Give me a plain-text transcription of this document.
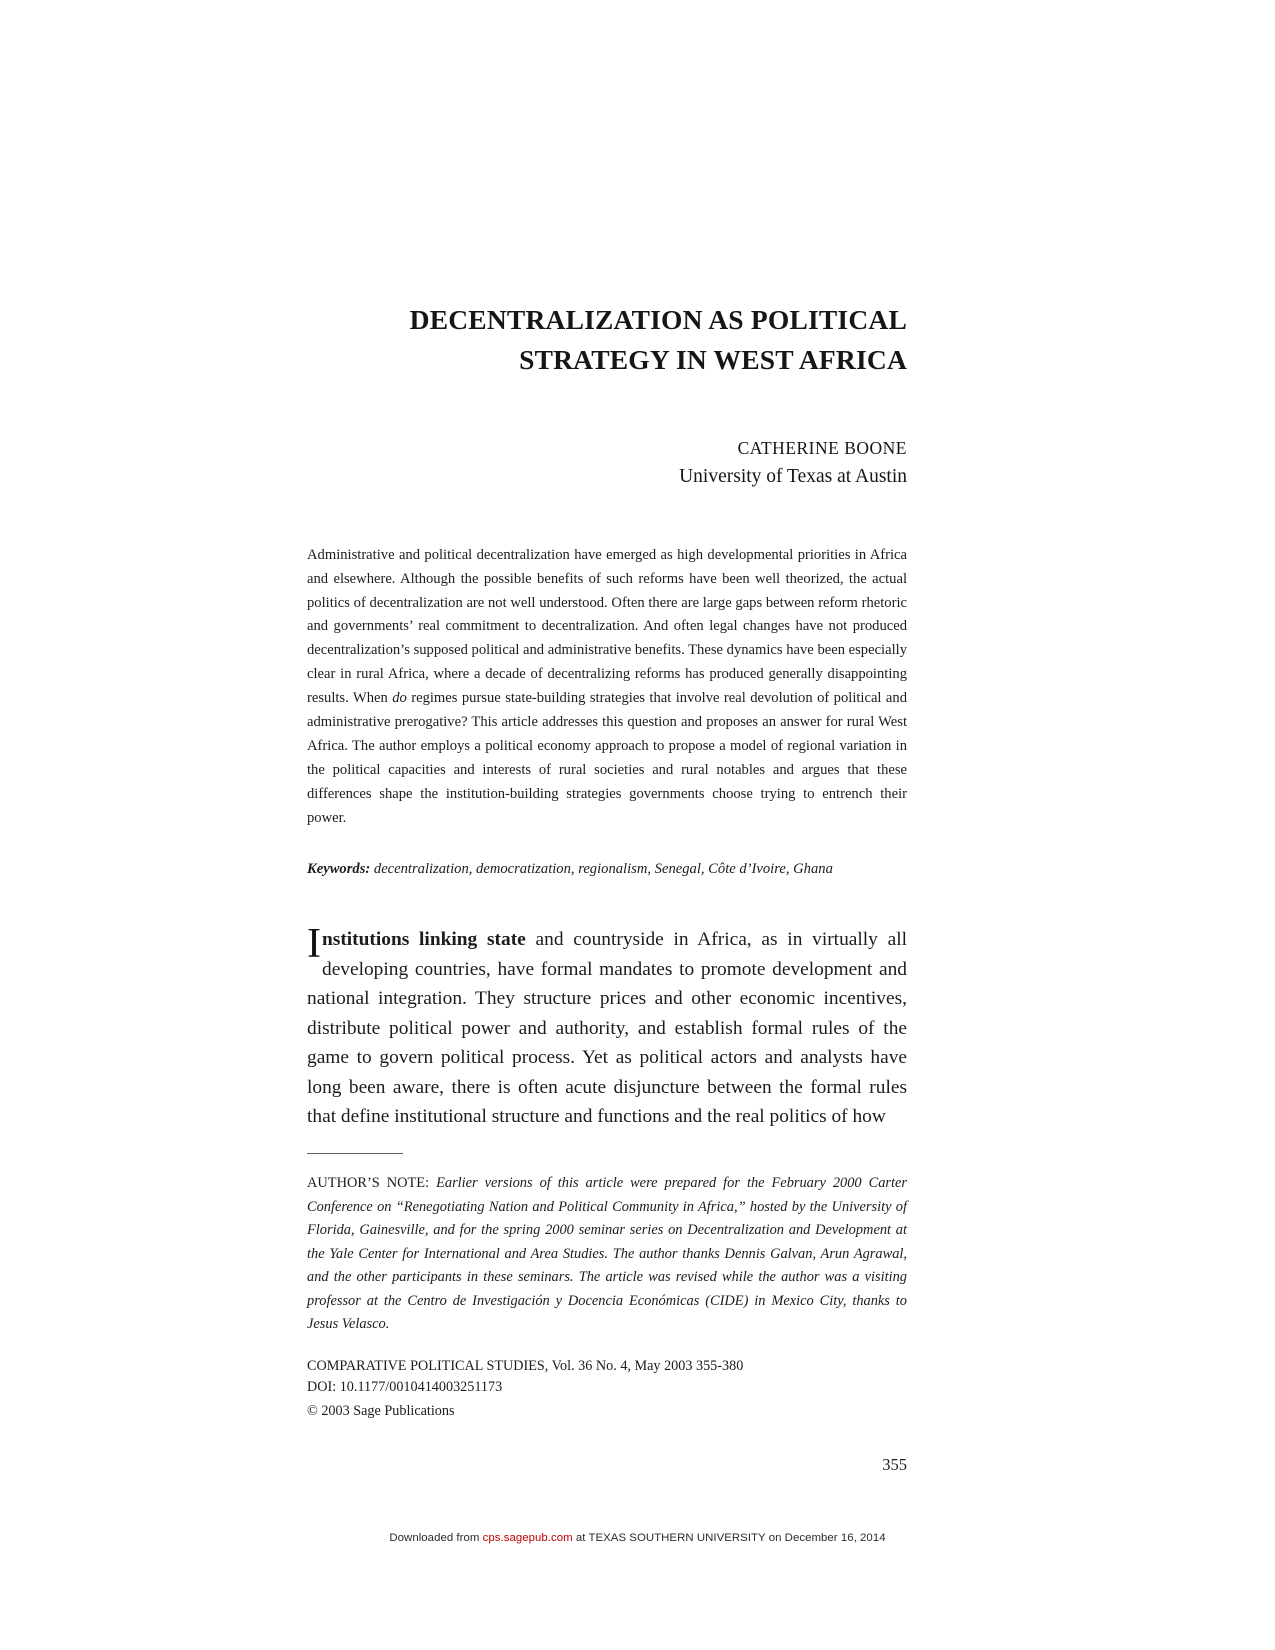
DECENTRALIZATION AS POLITICAL
STRATEGY IN WEST AFRICA
CATHERINE BOONE
University of Texas at Austin

Administrative and political decentralization have emerged as high developmental priorities in Africa and elsewhere. Although the possible benefits of such reforms have been well theorized, the actual politics of decentralization are not well understood. Often there are large gaps between reform rhetoric and governments’ real commitment to decentralization. And often legal changes have not produced decentralization’s supposed political and administrative benefits. These dynamics have been especially clear in rural Africa, where a decade of decentralizing reforms has produced generally disappointing results. When do regimes pursue state-building strategies that involve real devolution of political and administrative prerogative? This article addresses this question and proposes an answer for rural West Africa. The author employs a political economy approach to propose a model of regional variation in the political capacities and interests of rural societies and rural notables and argues that these differences shape the institution-building strategies governments choose trying to entrench their power.

Keywords: decentralization, democratization, regionalism, Senegal, Côte d’Ivoire, Ghana

Institutions linking state and countryside in Africa, as in virtually all developing countries, have formal mandates to promote development and national integration. They structure prices and other economic incentives, distribute political power and authority, and establish formal rules of the game to govern political process. Yet as political actors and analysts have long been aware, there is often acute disjuncture between the formal rules that define institutional structure and functions and the real politics of how

AUTHOR’S NOTE: Earlier versions of this article were prepared for the February 2000 Carter Conference on “Renegotiating Nation and Political Community in Africa,” hosted by the University of Florida, Gainesville, and for the spring 2000 seminar series on Decentralization and Development at the Yale Center for International and Area Studies. The author thanks Dennis Galvan, Arun Agrawal, and the other participants in these seminars. The article was revised while the author was a visiting professor at the Centro de Investigación y Docencia Económicas (CIDE) in Mexico City, thanks to Jesus Velasco.

COMPARATIVE POLITICAL STUDIES, Vol. 36 No. 4, May 2003 355-380
DOI: 10.1177/0010414003251173
© 2003 Sage Publications
355
Downloaded from cps.sagepub.com at TEXAS SOUTHERN UNIVERSITY on December 16, 2014
